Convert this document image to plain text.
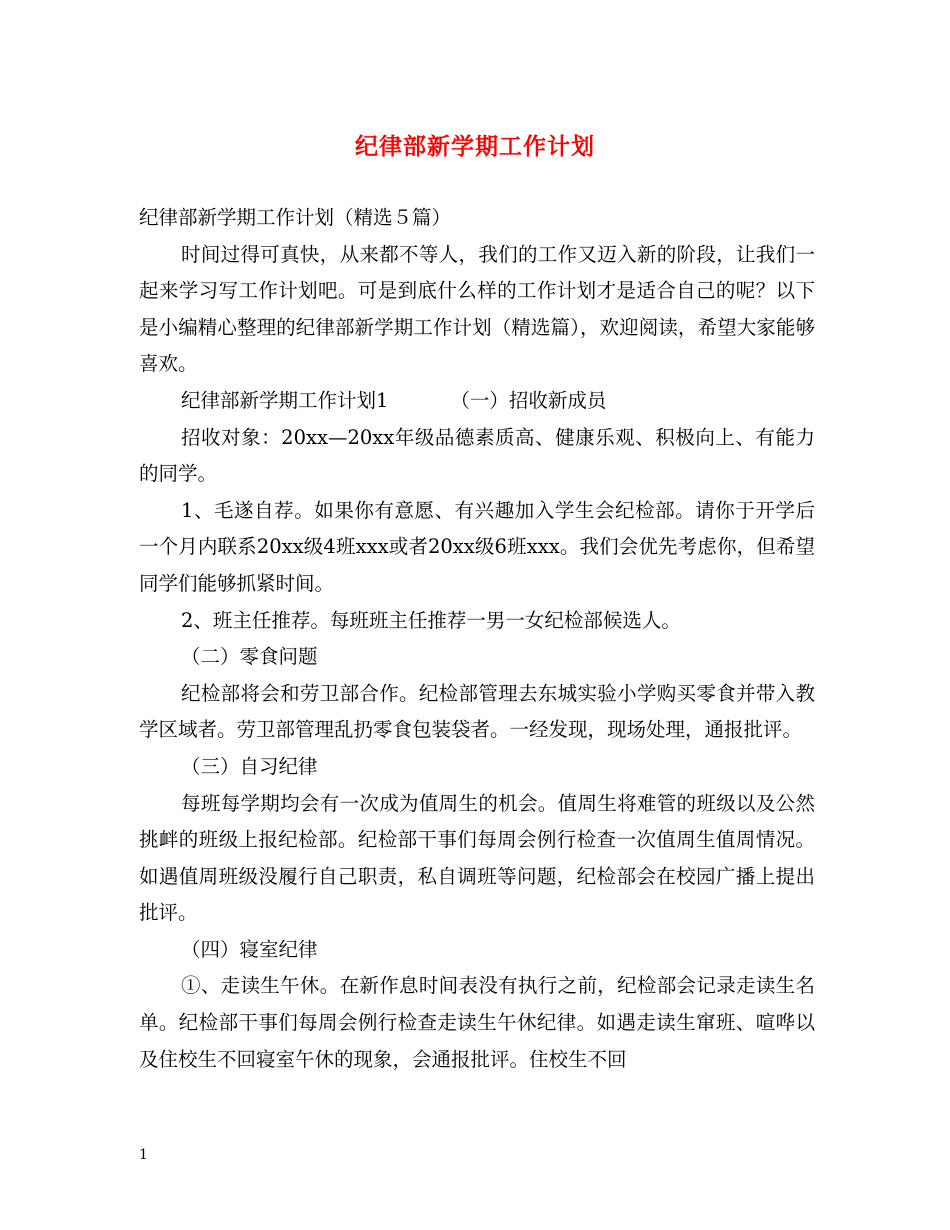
纪律部新学期工作计划

纪律部新学期工作计划（精选５篇）

时间过得可真快，从来都不等人，我们的工作又迈入新的阶段，让我们一起来学习写工作计划吧。可是到底什么样的工作计划才是适合自己的呢？以下是小编精心整理的纪律部新学期工作计划（精选篇），欢迎阅读，希望大家能够喜欢。

纪律部新学期工作计划1	（一）招收新成员

招收对象：20xx—20xx年级品德素质高、健康乐观、积极向上、有能力的同学。

1、毛遂自荐。如果你有意愿、有兴趣加入学生会纪检部。请你于开学后一个月内联系20xx级4班xxx或者20xx级6班xxx。我们会优先考虑你，但希望同学们能够抓紧时间。

2、班主任推荐。每班班主任推荐一男一女纪检部候选人。

（二）零食问题

纪检部将会和劳卫部合作。纪检部管理去东城实验小学购买零食并带入教学区域者。劳卫部管理乱扔零食包装袋者。一经发现，现场处理，通报批评。

（三）自习纪律

每班每学期均会有一次成为值周生的机会。值周生将难管的班级以及公然挑衅的班级上报纪检部。纪检部干事们每周会例行检查一次值周生值周情况。如遇值周班级没履行自己职责，私自调班等问题，纪检部会在校园广播上提出批评。

（四）寝室纪律

①、走读生午休。在新作息时间表没有执行之前，纪检部会记录走读生名单。纪检部干事们每周会例行检查走读生午休纪律。如遇走读生窜班、喧哗以及住校生不回寝室午休的现象，会通报批评。住校生不回

1
